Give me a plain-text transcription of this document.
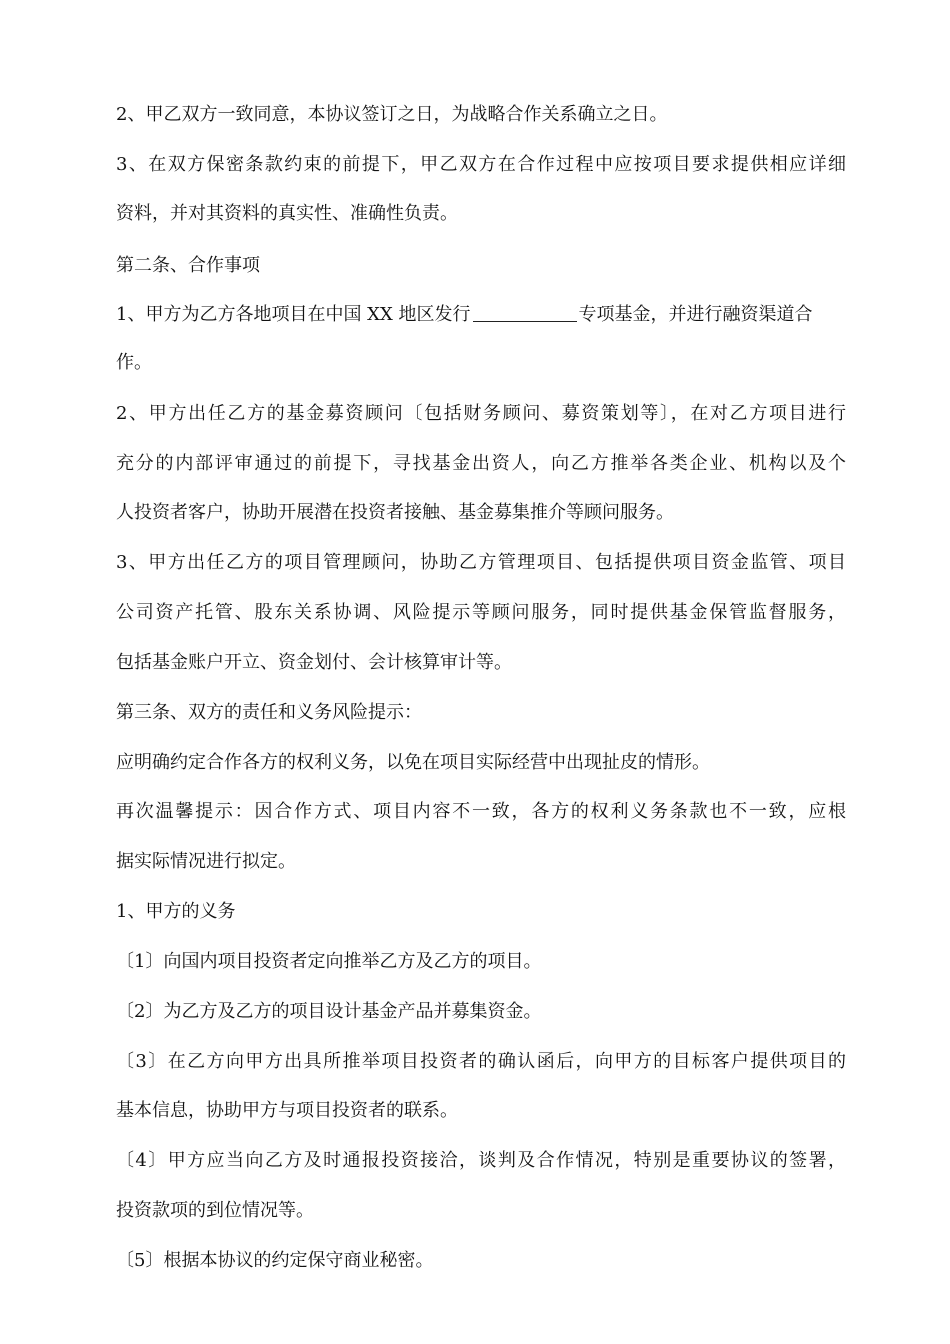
2、甲乙双方一致同意，本协议签订之日，为战略合作关系确立之日。
3、在双方保密条款约束的前提下，甲乙双方在合作过程中应按项目要求提供相应详细
资料，并对其资料的真实性、准确性负责。
第二条、合作事项
1、甲方为乙方各地项目在中国 XX 地区发行	专项基金，并进行融资渠道合
作。
2、甲方出任乙方的基金募资顾问〔包括财务顾问、募资策划等〕，在对乙方项目进行
充分的内部评审通过的前提下，寻找基金出资人，向乙方推举各类企业、机构以及个
人投资者客户，协助开展潜在投资者接触、基金募集推介等顾问服务。
3、甲方出任乙方的项目管理顾问，协助乙方管理项目、包括提供项目资金监管、项目
公司资产托管、股东关系协调、风险提示等顾问服务，同时提供基金保管监督服务，
包括基金账户开立、资金划付、会计核算审计等。
第三条、双方的责任和义务风险提示：
应明确约定合作各方的权利义务，以免在项目实际经营中出现扯皮的情形。
再次温馨提示：因合作方式、项目内容不一致，各方的权利义务条款也不一致，应根
据实际情况进行拟定。
1、甲方的义务
〔1〕向国内项目投资者定向推举乙方及乙方的项目。
〔2〕为乙方及乙方的项目设计基金产品并募集资金。
〔3〕在乙方向甲方出具所推举项目投资者的确认函后，向甲方的目标客户提供项目的
基本信息，协助甲方与项目投资者的联系。
〔4〕甲方应当向乙方及时通报投资接洽，谈判及合作情况，特别是重要协议的签署，
投资款项的到位情况等。
〔5〕根据本协议的约定保守商业秘密。
